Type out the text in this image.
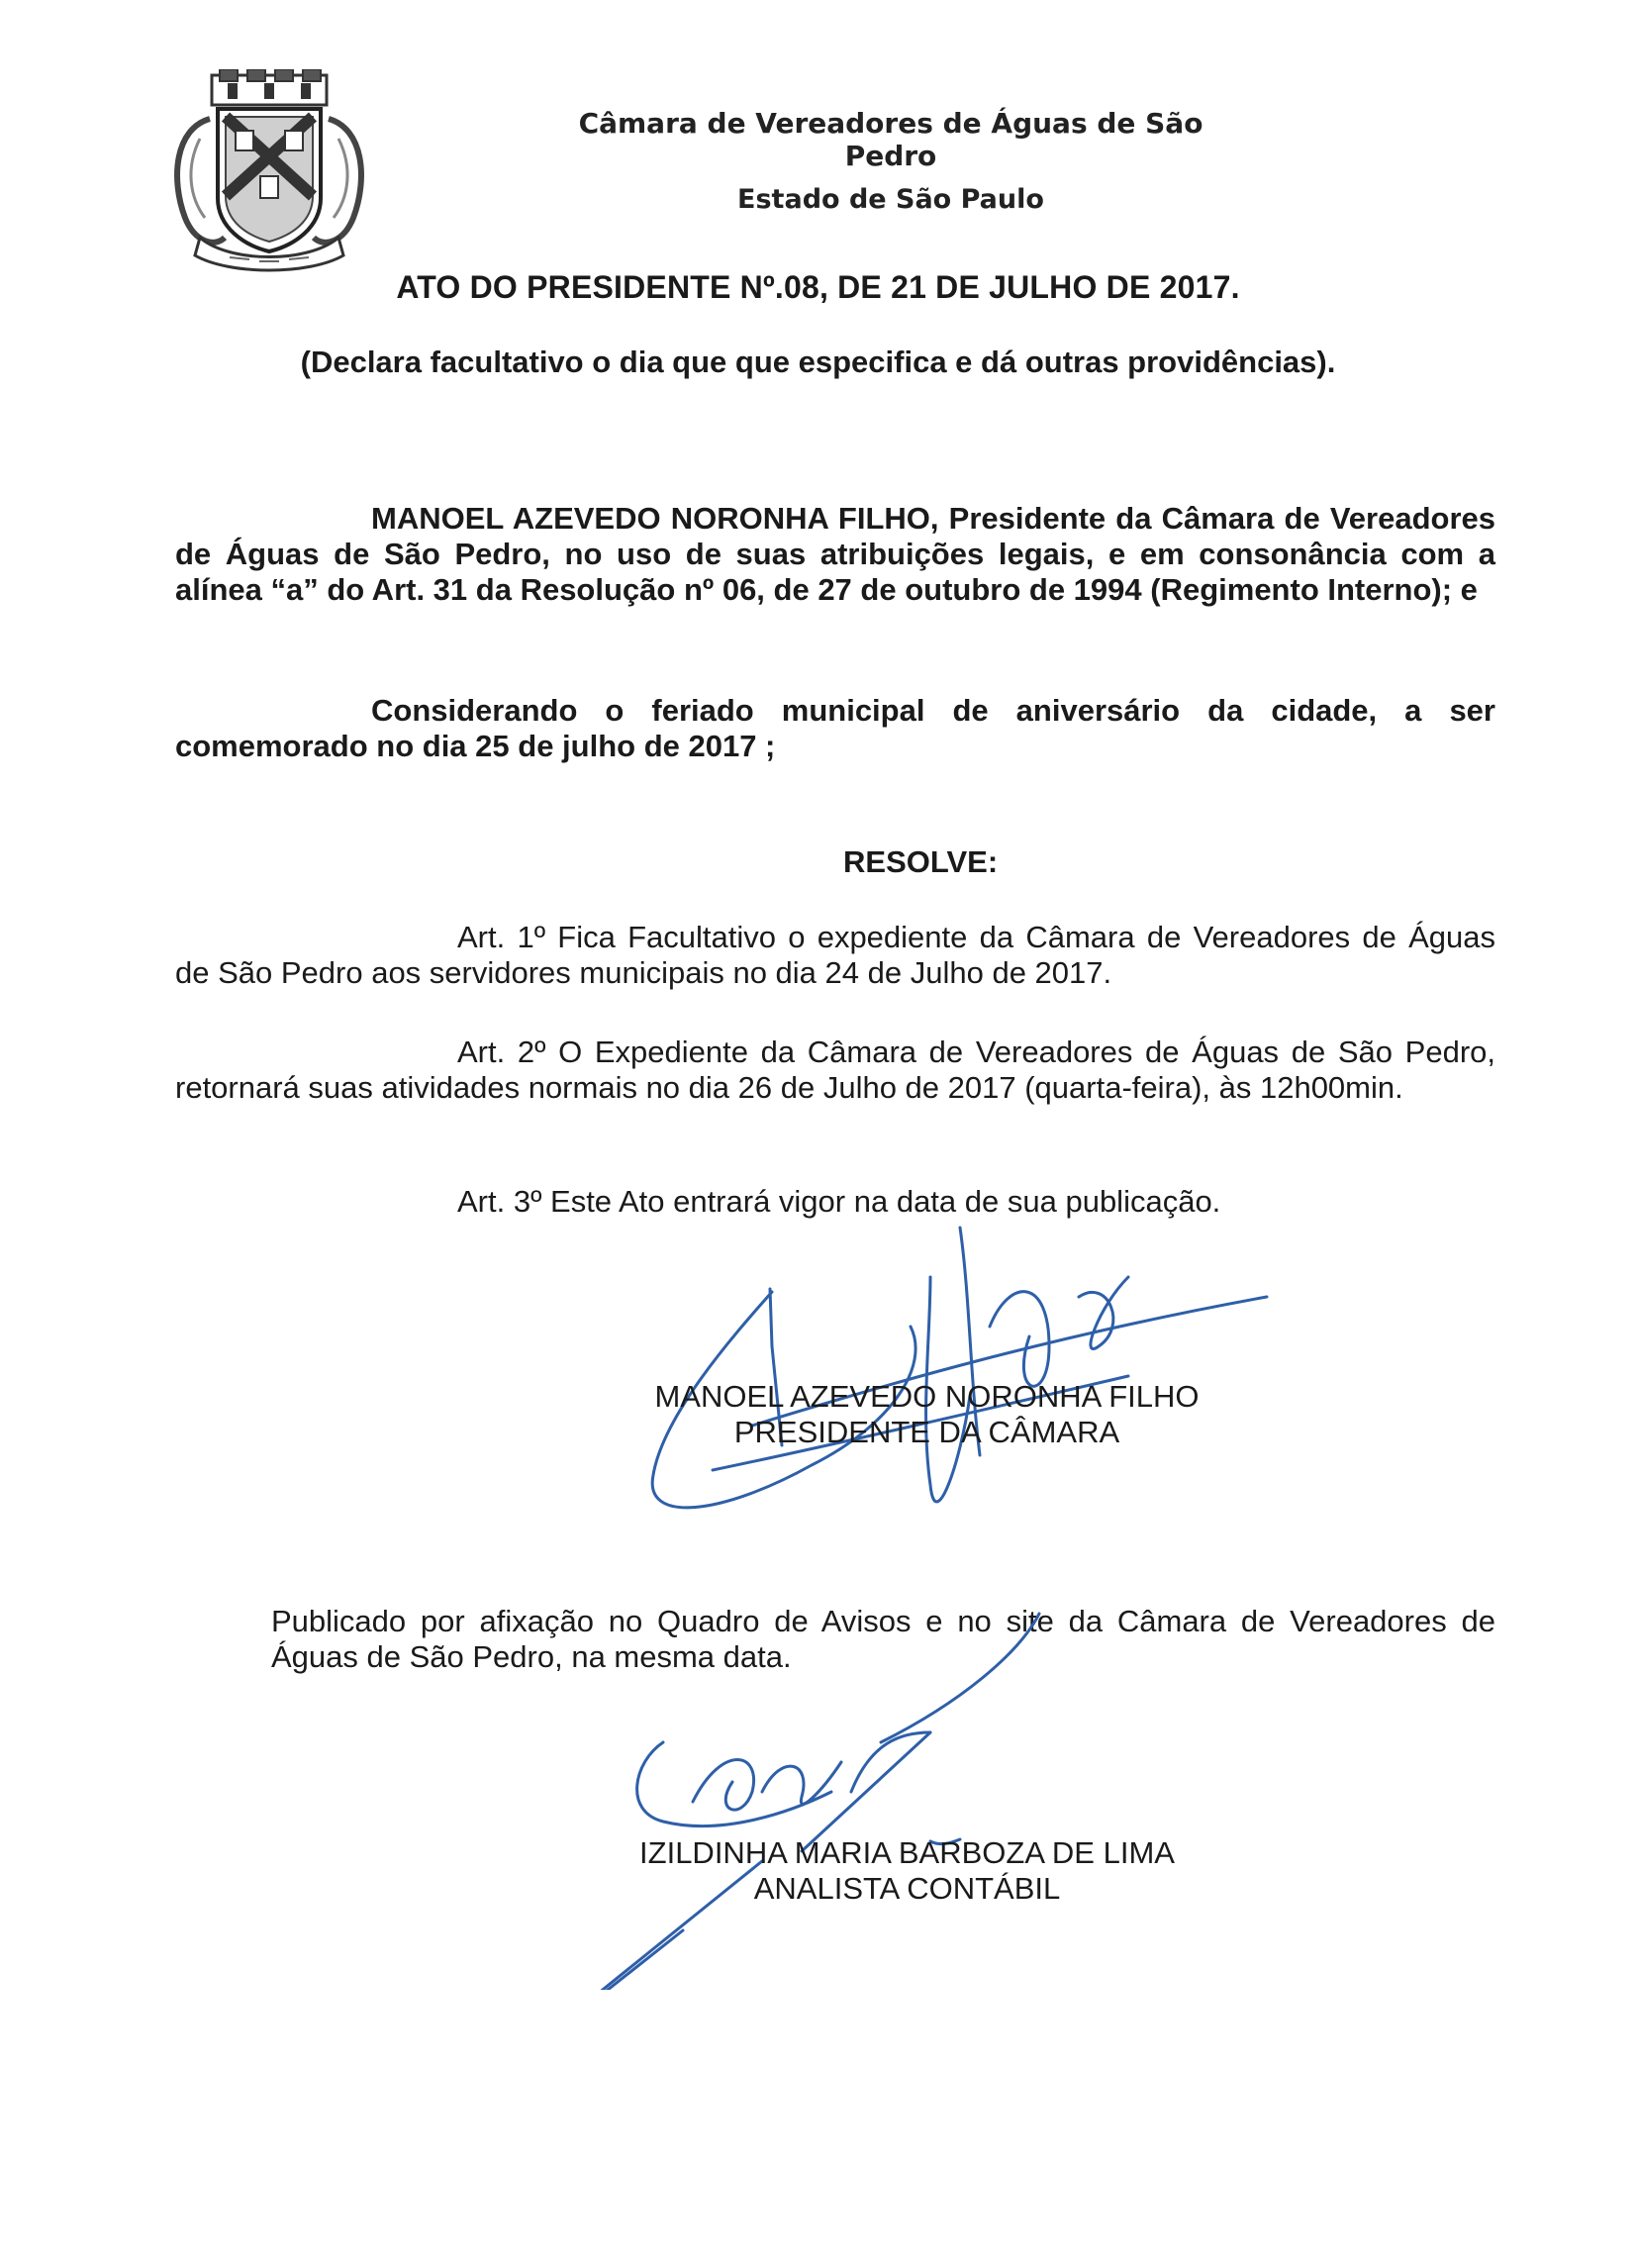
Câmara de Vereadores de Águas de São Pedro
Estado de São Paulo
ATO DO PRESIDENTE Nº.08, DE 21 DE JULHO DE 2017.
(Declara facultativo o dia que que especifica e dá outras providências).
MANOEL AZEVEDO NORONHA FILHO, Presidente da Câmara de Vereadores de Águas de São Pedro, no uso de suas atribuições legais, e em consonância com a alínea “a” do Art. 31 da Resolução nº 06, de 27 de outubro de 1994 (Regimento Interno); e
Considerando o feriado municipal de aniversário da cidade, a ser comemorado no dia 25 de julho de 2017 ;
RESOLVE:
Art. 1º Fica Facultativo o expediente da Câmara de Vereadores de Águas de São Pedro aos servidores municipais no dia 24 de Julho de 2017.
Art. 2º O Expediente da Câmara de Vereadores de Águas de São Pedro, retornará suas atividades normais no dia 26 de Julho de 2017 (quarta-feira), às 12h00min.
Art. 3º Este Ato entrará vigor na data de sua publicação.
MANOEL AZEVEDO NORONHA FILHO
PRESIDENTE DA CÂMARA
Publicado por afixação no Quadro de Avisos e no site da Câmara de Vereadores de Águas de São Pedro, na mesma data.
IZILDINHA MARIA BARBOZA DE LIMA
ANALISTA CONTÁBIL
